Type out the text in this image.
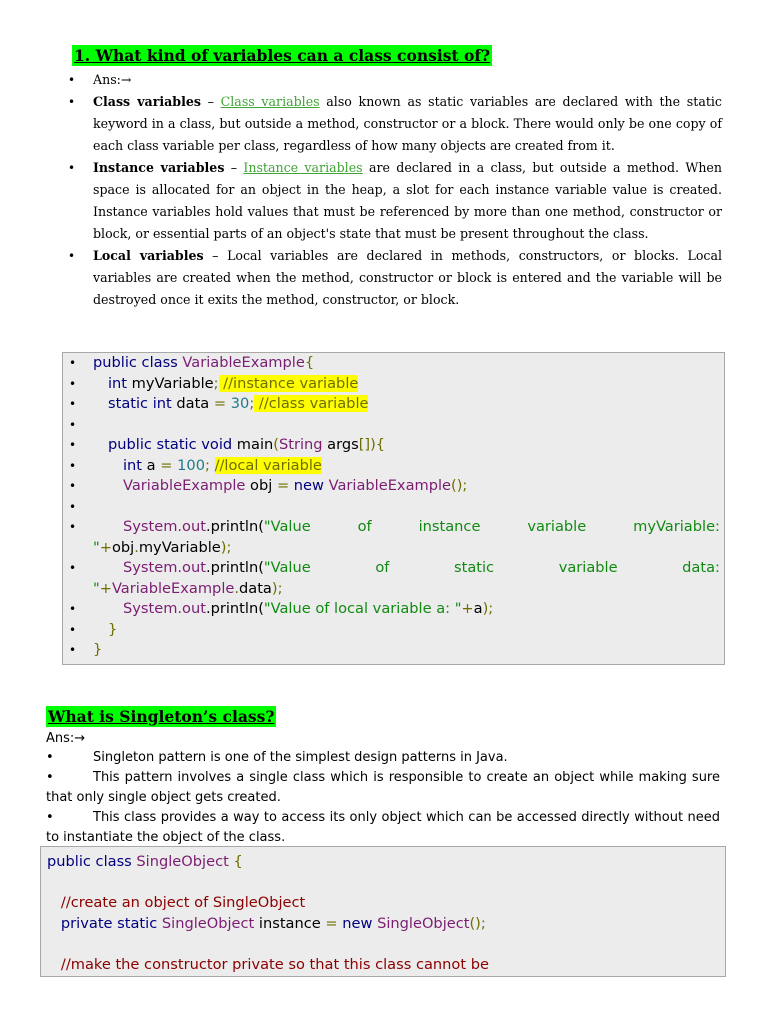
1. What kind of variables can a class consist of?
• Ans:→
• Class variables – Class variables also known as static variables are declared with the static keyword in a class, but outside a method, constructor or a block. There would only be one copy of each class variable per class, regardless of how many objects are created from it.
• Instance variables – Instance variables are declared in a class, but outside a method. When space is allocated for an object in the heap, a slot for each instance variable value is created. Instance variables hold values that must be referenced by more than one method, constructor or block, or essential parts of an object's state that must be present throughout the class.
• Local variables – Local variables are declared in methods, constructors, or blocks. Local variables are created when the method, constructor or block is entered and the variable will be destroyed once it exits the method, constructor, or block.
• public class VariableExample{
• int myVariable; //instance variable
• static int data = 30; //class variable
•
• public static void main(String args[]){
• int a = 100; //local variable
• VariableExample obj = new VariableExample();
•
• System.out.println("Value	of	instance	variable	myVariable:
"+obj.myVariable);
• System.out.println("Value	of	static	variable	data:
"+VariableExample.data);
• System.out.println("Value of local variable a: "+a);
• }
• }
What is Singleton’s class?
Ans:→
•	Singleton pattern is one of the simplest design patterns in Java.
•	This pattern involves a single class which is responsible to create an object while making sure that only single object gets created.
•	This class provides a way to access its only object which can be accessed directly without need to instantiate the object of the class.
public class SingleObject {
//create an object of SingleObject
private static SingleObject instance = new SingleObject();
//make the constructor private so that this class cannot be
